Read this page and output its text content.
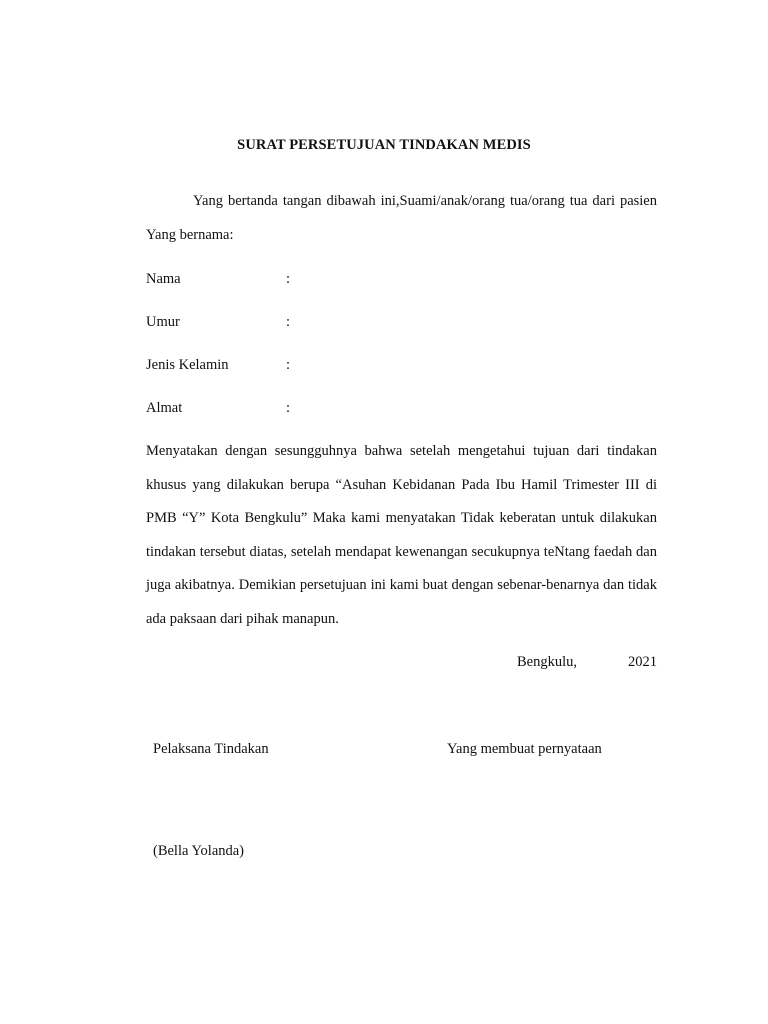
SURAT PERSETUJUAN TINDAKAN MEDIS

Yang bertanda tangan dibawah ini,Suami/anak/orang tua/orang tua dari pasien Yang bernama:

Nama	:
Umur	:
Jenis Kelamin	:
Almat	:

Menyatakan dengan sesungguhnya bahwa setelah mengetahui tujuan dari tindakan khusus yang dilakukan berupa “Asuhan Kebidanan Pada Ibu Hamil Trimester III di PMB “Y” Kota Bengkulu” Maka kami menyatakan Tidak keberatan untuk dilakukan tindakan tersebut diatas, setelah mendapat kewenangan secukupnya teNtang faedah dan juga akibatnya. Demikian persetujuan ini kami buat dengan sebenar-benarnya dan tidak ada paksaan dari pihak manapun.

Bengkulu,	2021
Pelaksana Tindakan	Yang membuat pernyataan
(Bella Yolanda)
